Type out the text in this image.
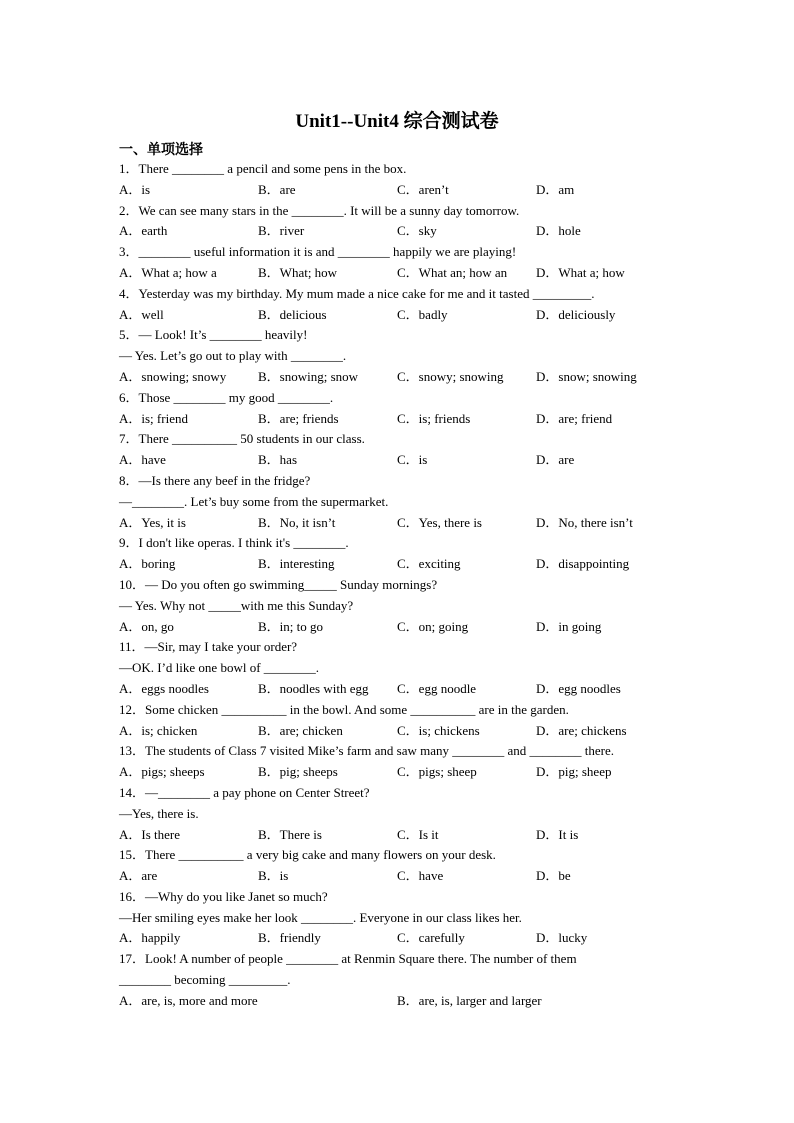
Unit1--Unit4 综合测试卷
一、单项选择
1．There ________ a pencil and some pens in the box.
A．is	B．are	C．aren’t	D．am
2．We can see many stars in the ________. It will be a sunny day tomorrow.
A．earth	B．river	C．sky	D．hole
3．________ useful information it is and ________ happily we are playing!
A．What a; how a	B．What; how	C．What an; how an D．What a; how
4．Yesterday was my birthday. My mum made a nice cake for me and it tasted _________.
A．well	B．delicious	C．badly	D．deliciously
5．— Look! It’s ________ heavily!
— Yes. Let’s go out to play with ________.
A．snowing; snowy B．snowing; snow	C．snowy; snowing D．snow; snowing
6．Those ________ my good ________.
A．is; friend	B．are; friends	C．is; friends	D．are; friend
7．There __________ 50 students in our class.
A．have	B．has	C．is	D．are
8．—Is there any beef in the fridge?
—________. Let’s buy some from the supermarket.
A．Yes, it is	B．No, it isn’t	C．Yes, there is	D．No, there isn’t
9．I don't like operas. I think it's ________.
A．boring	B．interesting	C．exciting	D．disappointing
10．— Do you often go swimming_____ Sunday mornings?
— Yes. Why not _____with me this Sunday?
A．on, go	B．in; to go	C．on; going	D．in going
11．—Sir, may I take your order?
—OK. I’d like one bowl of ________.
A．eggs noodles	B．noodles with egg C．egg noodle	D．egg noodles
12．Some chicken __________ in the bowl. And some __________ are in the garden.
A．is; chicken	B．are; chicken	C．is; chickens	D．are; chickens
13．The students of Class 7 visited Mike’s farm and saw many ________ and ________ there.
A．pigs; sheeps	B．pig; sheeps	C．pigs; sheep	D．pig; sheep
14．—________ a pay phone on Center Street?
—Yes, there is.
A．Is there	B．There is	C．Is it	D．It is
15．There __________ a very big cake and many flowers on your desk.
A．are	B．is	C．have	D．be
16．—Why do you like Janet so much?
—Her smiling eyes make her look ________. Everyone in our class likes her.
A．happily	B．friendly	C．carefully	D．lucky
17．Look! A number of people ________ at Renmin Square there. The number of them
________ becoming _________.
A．are, is, more and more	B．are, is, larger and larger
